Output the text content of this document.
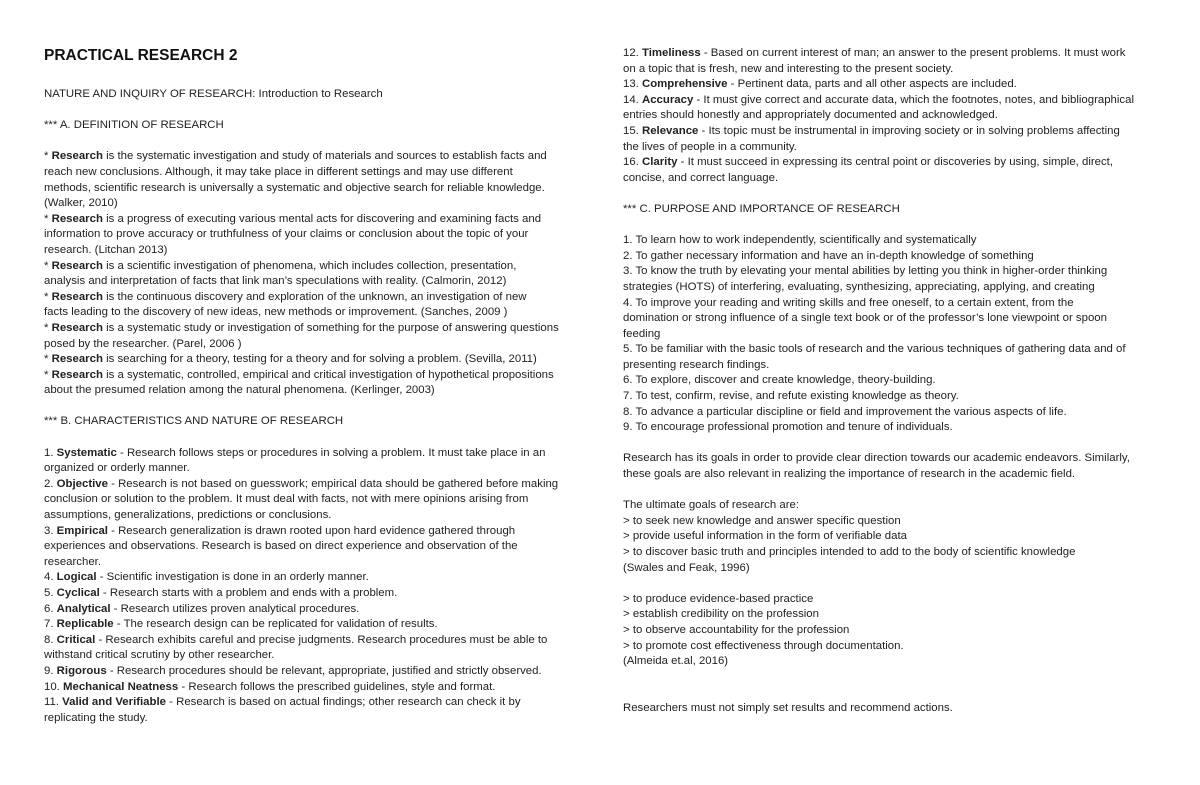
PRACTICAL RESEARCH 2
NATURE AND INQUIRY OF RESEARCH: Introduction to Research
*** A. DEFINITION OF RESEARCH
* Research is the systematic investigation and study of materials and sources to establish facts and
reach new conclusions. Although, it may take place in different settings and may use different
methods, scientific research is universally a systematic and objective search for reliable knowledge.
(Walker, 2010)
* Research is a progress of executing various mental acts for discovering and examining facts and
information to prove accuracy or truthfulness of your claims or conclusion about the topic of your
research. (Litchan 2013)
* Research is a scientific investigation of phenomena, which includes collection, presentation,
analysis and interpretation of facts that link man’s speculations with reality. (Calmorin, 2012)
* Research is the continuous discovery and exploration of the unknown, an investigation of new
facts leading to the discovery of new ideas, new methods or improvement. (Sanches, 2009 )
* Research is a systematic study or investigation of something for the purpose of answering questions
posed by the researcher. (Parel, 2006 )
* Research is searching for a theory, testing for a theory and for solving a problem. (Sevilla, 2011)
* Research is a systematic, controlled, empirical and critical investigation of hypothetical propositions
about the presumed relation among the natural phenomena. (Kerlinger, 2003)
*** B. CHARACTERISTICS AND NATURE OF RESEARCH
1. Systematic - Research follows steps or procedures in solving a problem. It must take place in an
organized or orderly manner.
2. Objective - Research is not based on guesswork; empirical data should be gathered before making
conclusion or solution to the problem. It must deal with facts, not with mere opinions arising from
assumptions, generalizations, predictions or conclusions.
3. Empirical - Research generalization is drawn rooted upon hard evidence gathered through
experiences and observations. Research is based on direct experience and observation of the
researcher.
4. Logical - Scientific investigation is done in an orderly manner.
5. Cyclical - Research starts with a problem and ends with a problem.
6. Analytical - Research utilizes proven analytical procedures.
7. Replicable - The research design can be replicated for validation of results.
8. Critical - Research exhibits careful and precise judgments. Research procedures must be able to
withstand critical scrutiny by other researcher.
9. Rigorous - Research procedures should be relevant, appropriate, justified and strictly observed.
10. Mechanical Neatness - Research follows the prescribed guidelines, style and format.
11. Valid and Verifiable - Research is based on actual findings; other research can check it by
replicating the study.
12. Timeliness - Based on current interest of man; an answer to the present problems. It must work
on a topic that is fresh, new and interesting to the present society.
13. Comprehensive - Pertinent data, parts and all other aspects are included.
14. Accuracy - It must give correct and accurate data, which the footnotes, notes, and bibliographical
entries should honestly and appropriately documented and acknowledged.
15. Relevance - Its topic must be instrumental in improving society or in solving problems affecting
the lives of people in a community.
16. Clarity - It must succeed in expressing its central point or discoveries by using, simple, direct,
concise, and correct language.
*** C. PURPOSE AND IMPORTANCE OF RESEARCH
1. To learn how to work independently, scientifically and systematically
2. To gather necessary information and have an in-depth knowledge of something
3. To know the truth by elevating your mental abilities by letting you think in higher-order thinking
strategies (HOTS) of interfering, evaluating, synthesizing, appreciating, applying, and creating
4. To improve your reading and writing skills and free oneself, to a certain extent, from the
domination or strong influence of a single text book or of the professor’s lone viewpoint or spoon
feeding
5. To be familiar with the basic tools of research and the various techniques of gathering data and of
presenting research findings.
6. To explore, discover and create knowledge, theory-building.
7. To test, confirm, revise, and refute existing knowledge as theory.
8. To advance a particular discipline or field and improvement the various aspects of life.
9. To encourage professional promotion and tenure of individuals.
Research has its goals in order to provide clear direction towards our academic endeavors. Similarly,
these goals are also relevant in realizing the importance of research in the academic field.
The ultimate goals of research are:
> to seek new knowledge and answer specific question
> provide useful information in the form of verifiable data
> to discover basic truth and principles intended to add to the body of scientific knowledge
(Swales and Feak, 1996)
> to produce evidence-based practice
> establish credibility on the profession
> to observe accountability for the profession
> to promote cost effectiveness through documentation.
(Almeida et.al, 2016)
Researchers must not simply set results and recommend actions.
